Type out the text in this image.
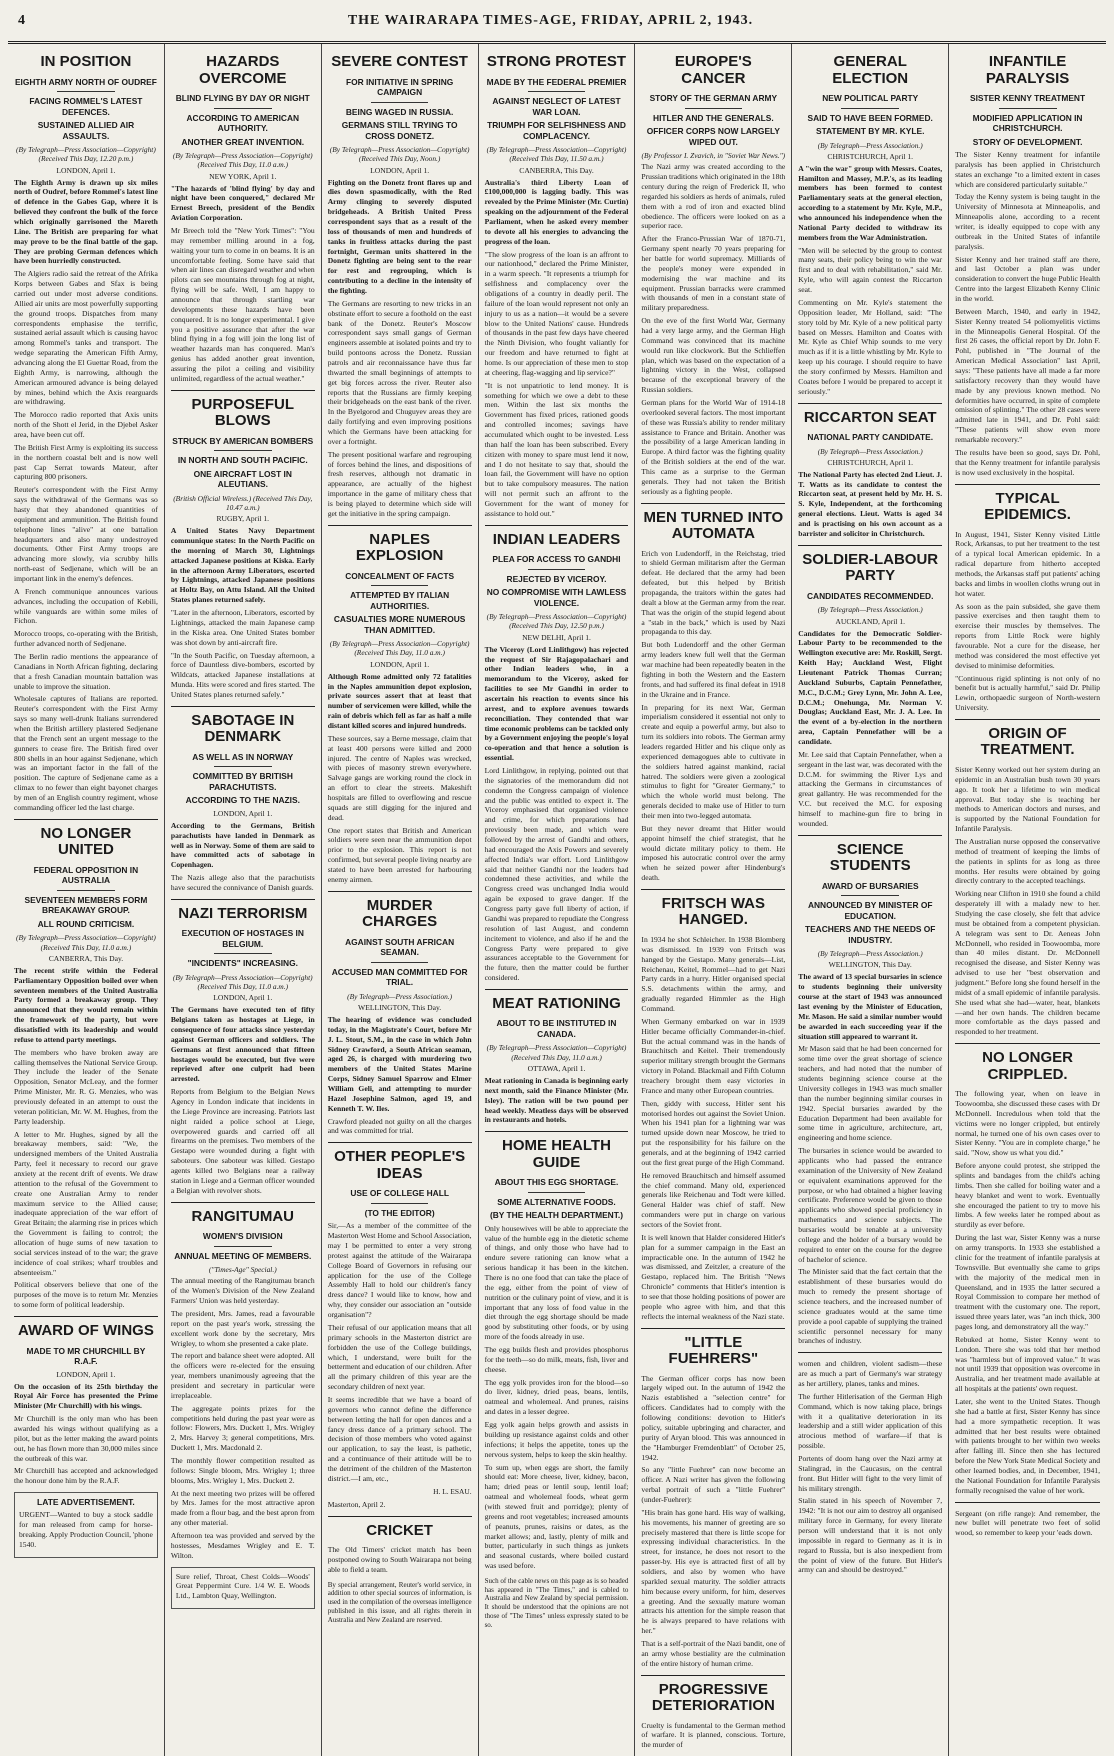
4	THE WAIRARAPA TIMES-AGE, FRIDAY, APRIL 2, 1943.
IN POSITION
EIGHTH ARMY NORTH OF OUDREF
FACING ROMMEL'S LATEST DEFENCES.
SUSTAINED ALLIED AIR ASSAULTS.
(By Telegraph—Press Association—Copyright) (Received This Day, 12.20 p.m.)
LONDON, April 1.

The Eighth Army is drawn up six miles north of Oudref, before Rommel's latest line of defence in the Gabes Gap, where it is believed they confront the bulk of the force which originally garrisoned the Mareth Line. The British are preparing for what may prove to be the final battle of the gap. They are probing German defences which have been hurriedly constructed.

The Algiers radio said the retreat of the Afrika Korps between Gabes and Sfax is being carried out under most adverse conditions. Allied air units are most powerfully supporting the ground troops. Dispatches from many correspondents emphasise the terrific, sustained aerial assault which is causing havoc among Rommel's tanks and transport. The wedge separating the American Fifth Army, advancing along the El Guettar Road, from the Eighth Army, is narrowing, although the American armoured advance is being delayed by mines, behind which the Axis rearguards are withdrawing.

The Morocco radio reported that Axis units north of the Shott el Jerid, in the Djebel Asker area, have been cut off.

The British First Army is exploiting its success in the northern coastal belt and is now well past Cap Serrat towards Mateur, after capturing 800 prisoners.

Reuter's correspondent with the First Army says the withdrawal of the Germans was so hasty that they abandoned quantities of equipment and ammunition. The British found telephone lines "alive" at one battalion headquarters and also many undestroyed documents. Other First Army troops are advancing more slowly, via scrubby hills north-east of Sedjenane, which will be an important link in the enemy's defences.

A French communique announces various advances, including the occupation of Kebili, while vanguards are within some miles of Fichon.

Morocco troops, co-operating with the British, further advanced north of Sedjenane.

The Berlin radio mentions the appearance of Canadians in North African fighting, declaring that a fresh Canadian mountain battalion was unable to improve the situation.

Wholesale captures of Italians are reported. Reuter's correspondent with the First Army says so many well-drunk Italians surrendered when the British artillery plastered Sedjenane that the French sent an urgent message to the gunners to cease fire. The British fired over 800 shells in an hour against Sedjenane, which was an important factor in the fall of the position. The capture of Sedjenane came as a climax to no fewer than eight bayonet charges by men of an English country regiment, whose commanding officer led the last charge.

NO LONGER UNITED
FEDERAL OPPOSITION IN AUSTRALIA
SEVENTEEN MEMBERS FORM BREAKAWAY GROUP.
ALL ROUND CRITICISM.
(By Telegraph—Press Association—Copyright) (Received This Day, 11.0 a.m.)
CANBERRA, This Day.

The recent strife within the Federal Parliamentary Opposition boiled over when seventeen members of the United Australia Party formed a breakaway group. They announced that they would remain within the framework of the party, but were dissatisfied with its leadership and would refuse to attend party meetings.

The members who have broken away are calling themselves the National Service Group. They include the leader of the Senate Opposition, Senator McLeay, and the former Prime Minister, Mr. R. G. Menzies, who was previously defeated in an attempt to oust the veteran politician, Mr. W. M. Hughes, from the Party leadership.

A letter to Mr. Hughes, signed by all the breakaway members, said: "We, the undersigned members of the United Australia Party, feel it necessary to record our grave anxiety at the recent drift of events. We draw attention to the refusal of the Government to create one Australian Army to render maximum service to the Allied cause; inadequate appreciation of the war effort of Great Britain; the alarming rise in prices which the Government is failing to control; the allocation of huge sums of new taxation to social services instead of to the war; the grave incidence of coal strikes; wharf troubles and absenteeism."

Political observers believe that one of the purposes of the move is to return Mr. Menzies to some form of political leadership.

AWARD OF WINGS
MADE TO MR CHURCHILL BY R.A.F.
LONDON, April 1.

On the occasion of its 25th birthday the Royal Air Force has presented the Prime Minister (Mr Churchill) with his wings.

Mr Churchill is the only man who has been awarded his wings without qualifying as a pilot, but as the letter making the award points out, he has flown more than 30,000 miles since the outbreak of this war.

Mr Churchill has accepted and acknowledged the honour done him by the R.A.F.

LATE ADVERTISEMENT.
URGENT—Wanted to buy a stock saddle for man released from camp for horse-breaking. Apply Production Council, 'phone 1540.
HAZARDS OVERCOME
BLIND FLYING BY DAY OR NIGHT
ACCORDING TO AMERICAN AUTHORITY.
ANOTHER GREAT INVENTION.
(By Telegraph—Press Association—Copyright) (Received This Day, 11.0 a.m.)
NEW YORK, April 1.

"The hazards of 'blind flying' by day and night have been conquered," declared Mr Ernest Breech, president of the Bendix Aviation Corporation.

Mr Breech told the "New York Times": "You may remember milling around in a fog, waiting your turn to come in on beams. It is an uncomfortable feeling. Some have said that when air lines can disregard weather and when pilots can see mountains through fog at night, flying will be safe. Well, I am happy to announce that through startling war developments these hazards have been conquered. It is no longer experimental. I give you a positive assurance that after the war blind flying in a fog will join the long list of weather hazards man has conquered. Man's genius has added another great invention, assuring the pilot a ceiling and visibility unlimited, regardless of the actual weather."

PURPOSEFUL BLOWS
STRUCK BY AMERICAN BOMBERS
IN NORTH AND SOUTH PACIFIC.
ONE AIRCRAFT LOST IN ALEUTIANS.
(British Official Wireless.) (Received This Day, 10.47 a.m.)
RUGBY, April 1.

A United States Navy Department communique states: In the North Pacific on the morning of March 30, Lightnings attacked Japanese positions at Kiska. Early in the afternoon Army Liberators, escorted by Lightnings, attacked Japanese positions at Holtz Bay, on Attu Island. All the United States planes returned safely.

"Later in the afternoon, Liberators, escorted by Lightnings, attacked the main Japanese camp in the Kiska area. One United States bomber was shot down by anti-aircraft fire.

"In the South Pacific, on Tuesday afternoon, a force of Dauntless dive-bombers, escorted by Wildcats, attacked Japanese installations at Munda. Hits were scored and fires started. The United States planes returned safely."

SABOTAGE IN DENMARK
AS WELL AS IN NORWAY
COMMITTED BY BRITISH PARACHUTISTS.
ACCORDING TO THE NAZIS.
LONDON, April 1.

According to the Germans, British parachutists have landed in Denmark as well as in Norway. Some of them are said to have committed acts of sabotage in Copenhagen.

The Nazis allege also that the parachutists have secured the connivance of Danish guards.

NAZI TERRORISM
EXECUTION OF HOSTAGES IN BELGIUM.
"INCIDENTS" INCREASING.
(By Telegraph—Press Association—Copyright) (Received This Day, 11.0 a.m.)
LONDON, April 1.

The Germans have executed ten of fifty Belgians taken as hostages at Liege, in consequence of four attacks since yesterday against German officers and soldiers. The Germans at first announced that fifteen hostages would be executed, but five were reprieved after one culprit had been arrested.

Reports from Belgium to the Belgian News Agency in London indicate that incidents in the Liege Province are increasing. Patriots last night raided a police school at Liege, overpowered guards and carried off all firearms on the premises. Two members of the Gestapo were wounded during a fight with saboteurs. One saboteur was killed. Gestapo agents killed two Belgians near a railway station in Liege and a German officer wounded a Belgian with revolver shots.

RANGITUMAU
WOMEN'S DIVISION
ANNUAL MEETING OF MEMBERS.
("Times-Age" Special.)

The annual meeting of the Rangitumau branch of the Women's Division of the New Zealand Farmers' Union was held yesterday.

The president, Mrs. James, read a favourable report on the past year's work, stressing the excellent work done by the secretary, Mrs Wrigley, to whom she presented a cake plate.

The report and balance sheet were adopted. All the officers were re-elected for the ensuing year, members unanimously agreeing that the president and secretary in particular were irreplaceable.

The aggregate points prizes for the competitions held during the past year were as follow: Flowers, Mrs. Duckett 1, Mrs. Wrigley 2, Mrs. Harvey 3; general competitions, Mrs. Duckett 1, Mrs. Macdonald 2.

The monthly flower competition resulted as follows: Single bloom, Mrs. Wrigley 1; three blooms, Mrs. Wrigley 1, Mrs. Duckett 2.

At the next meeting two prizes will be offered by Mrs. James for the most attractive apron made from a flour bag, and the best apron from any other material.

Afternoon tea was provided and served by the hostesses, Mesdames Wrigley and E. T. Wilton.

Sure relief, Throat, Chest Colds—Woods' Great Peppermint Cure. 1/4 W. E. Woods Ltd., Lambton Quay, Wellington.
SEVERE CONTEST
FOR INITIATIVE IN SPRING CAMPAIGN
BEING WAGED IN RUSSIA.
GERMANS STILL TRYING TO CROSS DONETZ.
(By Telegraph—Press Association—Copyright) (Received This Day, Noon.)
LONDON, April 1.

Fighting on the Donetz front flares up and dies down spasmodically, with the Red Army clinging to severely disputed bridgeheads. A British United Press correspondent says that as a result of the loss of thousands of men and hundreds of tanks in fruitless attacks during the past fortnight, German units shattered in the Donetz fighting are being sent to the rear for rest and regrouping, which is contributing to a decline in the intensity of the fighting.

The Germans are resorting to new tricks in an obstinate effort to secure a foothold on the east bank of the Donetz. Reuter's Moscow correspondent says small gangs of German engineers assemble at isolated points and try to build pontoons across the Donetz. Russian patrols and air reconnaissance have thus far thwarted the small beginnings of attempts to get big forces across the river. Reuter also reports that the Russians are firmly keeping their bridgeheads on the east bank of the river. In the Byelgorod and Chuguyev areas they are daily fortifying and even improving positions which the Germans have been attacking for over a fortnight.

The present positional warfare and regrouping of forces behind the lines, and dispositions of fresh reserves, although not dramatic in appearance, are actually of the highest importance in the game of military chess that is being played to determine which side will get the initiative in the spring campaign.

NAPLES EXPLOSION
CONCEALMENT OF FACTS
ATTEMPTED BY ITALIAN AUTHORITIES.
CASUALTIES MORE NUMEROUS THAN ADMITTED.
(By Telegraph—Press Association—Copyright) (Received This Day, 11.0 a.m.)
LONDON, April 1.

Although Rome admitted only 72 fatalities in the Naples ammunition depot explosion, private sources assert that at least that number of servicemen were killed, while the rain of debris which fell as far as half a mile distant killed scores and injured hundreds.

These sources, say a Berne message, claim that at least 400 persons were killed and 2000 injured. The centre of Naples was wrecked, with pieces of masonry strewn everywhere. Salvage gangs are working round the clock in an effort to clear the streets. Makeshift hospitals are filled to overflowing and rescue squads are still digging for the injured and dead.

One report states that British and American soldiers were seen near the ammunition depot prior to the explosion. This report is not confirmed, but several people living nearby are stated to have been arrested for harbouring enemy airmen.

MURDER CHARGES
AGAINST SOUTH AFRICAN SEAMAN.
ACCUSED MAN COMMITTED FOR TRIAL.
(By Telegraph—Press Association.)
WELLINGTON, This Day.

The hearing of evidence was concluded today, in the Magistrate's Court, before Mr J. L. Stout, S.M., in the case in which John Sidney Crawford, a South African seaman, aged 26, is charged with murdering two members of the United States Marine Corps, Sidney Samuel Sparrow and Elmer William Geli, and attempting to murder Hazel Josephine Salmon, aged 19, and Kenneth T. W. Iles.

Crawford pleaded not guilty on all the charges and was committed for trial.

OTHER PEOPLE'S IDEAS
USE OF COLLEGE HALL
(TO THE EDITOR)

Sir,—As a member of the committee of the Masterton West Home and School Association, may I be permitted to enter a very strong protest against the attitude of the Wairarapa College Board of Governors in refusing our application for the use of the College Assembly Hall to hold our children's fancy dress dance? I would like to know, how and why, they consider our association an "outside organisation"?

Their refusal of our application means that all primary schools in the Masterton district are forbidden the use of the College buildings, which, I understand, were built for the betterment and education of our children. After all the primary children of this year are the secondary children of next year.

It seems incredible that we have a board of governors who cannot define the difference between letting the hall for open dances and a fancy dress dance of a primary school. The decision of those members who voted against our application, to say the least, is pathetic, and a continuance of their attitude will be to the detriment of the children of the Masterton district.—I am, etc.,

H. L. ESAU.
Masterton, April 2.
CRICKET

The Old Timers' cricket match has been postponed owing to South Wairarapa not being able to field a team.

By special arrangement, Reuter's world service, in addition to other special sources of information, is used in the compilation of the overseas intelligence published in this issue, and all rights therein in Australia and New Zealand are reserved.
STRONG PROTEST
MADE BY THE FEDERAL PREMIER
AGAINST NEGLECT OF LATEST WAR LOAN.
TRIUMPH FOR SELFISHNESS AND COMPLACENCY.
(By Telegraph—Press Association—Copyright) (Received This Day, 11.50 a.m.)
CANBERRA, This Day.

Australia's third Liberty Loan of £100,000,000 is lagging badly. This was revealed by the Prime Minister (Mr. Curtin) speaking on the adjournment of the Federal Parliament, when he asked every member to devote all his energies to advancing the progress of the loan.

"The slow progress of the loan is an affront to our nationhood," declared the Prime Minister, in a warm speech. "It represents a triumph for selfishness and complacency over the obligations of a country in deadly peril. The failure of the loan would represent not only an injury to us as a nation—it would be a severe blow to the United Nations' cause. Hundreds of thousands in the past few days have cheered the Ninth Division, who fought valiantly for our freedom and have returned to fight at home. Is our appreciation of these men to stop at cheering, flag-wagging and lip service?"

"It is not unpatriotic to lend money. It is something for which we owe a debt to these men. Within the last six months the Government has fixed prices, rationed goods and controlled incomes; savings have accumulated which ought to be invested. Less than half the loan has been subscribed. Every citizen with money to spare must lend it now, and I do not hesitate to say that, should the loan fail, the Government will have no option but to take compulsory measures. The nation will not permit such an affront to the Government for the want of money for assistance to hold out."

INDIAN LEADERS
PLEA FOR ACCESS TO GANDHI
REJECTED BY VICEROY.
NO COMPROMISE WITH LAWLESS VIOLENCE.
(By Telegraph—Press Association—Copyright) (Received This Day, 12.50 p.m.)
NEW DELHI, April 1.

The Viceroy (Lord Linlithgow) has rejected the request of Sir Rajagopalachari and other Indian leaders who, in a memorandum to the Viceroy, asked for facilities to see Mr Gandhi in order to ascertain his reaction to events since his arrest, and to explore avenues towards reconciliation. They contended that war time economic problems can be tackled only by a Government enjoying the people's loyal co-operation and that hence a solution is essential.

Lord Linlithgow, in replying, pointed out that the signatories of the memorandum did not condemn the Congress campaign of violence and the public was entitled to expect it. The Viceroy emphasised that organised violence and crime, for which preparations had previously been made, and which were followed by the arrest of Gandhi and others, had encouraged the Axis Powers and severely affected India's war effort. Lord Linlithgow said that neither Gandhi nor the leaders had condemned these activities, and while the Congress creed was unchanged India would again be exposed to grave danger. If the Congress party gave full liberty of action, if Gandhi was prepared to repudiate the Congress resolution of last August, and condemn incitement to violence, and also if he and the Congress Party were prepared to give assurances acceptable to the Government for the future, then the matter could be further considered.

MEAT RATIONING
ABOUT TO BE INSTITUTED IN CANADA.
(By Telegraph—Press Association—Copyright) (Received This Day, 11.0 a.m.)
OTTAWA, April 1.

Meat rationing in Canada is beginning early next month, said the Finance Minister (Mr. Isley). The ration will be two pound per head weekly. Meatless days will be observed in restaurants and hotels.

HOME HEALTH GUIDE
ABOUT THIS EGG SHORTAGE.
SOME ALTERNATIVE FOODS.
(BY THE HEALTH DEPARTMENT.)

Only housewives will be able to appreciate the value of the humble egg in the dietetic scheme of things, and only those who have had to endure severe rationing can know what a serious handicap it has been in the kitchen. There is no one food that can take the place of the egg, either from the point of view of nutrition or the culinary point of view, and it is important that any loss of food value in the diet through the egg shortage should be made good by substituting other foods, or by using more of the foods already in use.

The egg builds flesh and provides phosphorus for the teeth—so do milk, meats, fish, liver and cheese.

The egg yolk provides iron for the blood—so do liver, kidney, dried peas, beans, lentils, oatmeal and wholemeal. And prunes, raisins and dates in a lesser degree.

Egg yolk again helps growth and assists in building up resistance against colds and other infections; it helps the appetite, tones up the nervous system, helps to keep the skin healthy.

To sum up, when eggs are short, the family should eat: More cheese, liver, kidney, bacon, ham; dried peas or lentil soup, lentil loaf; oatmeal and wholemeal foods, wheat germ (with stewed fruit and porridge); plenty of greens and root vegetables; increased amounts of peanuts, prunes, raisins or dates, as the market allows; and, lastly, plenty of milk and butter, particularly in such things as junkets and seasonal custards, where boiled custard was used before.

Such of the cable news on this page as is so headed has appeared in "The Times," and is cabled to Australia and New Zealand by special permission. It should be understood that the opinions are not those of "The Times" unless expressly stated to be so.
EUROPE'S CANCER
STORY OF THE GERMAN ARMY
HITLER AND THE GENERALS.
OFFICER CORPS NOW LARGELY WIPED OUT.
(By Professor I. Zvavich, in "Soviet War News.")

The Nazi army was created according to the Prussian traditions which originated in the 18th century during the reign of Frederick II, who regarded his soldiers as herds of animals, ruled them with a rod of iron and exacted blind obedience. The officers were looked on as a superior race.

After the Franco-Prussian War of 1870-71, Germany spent nearly 70 years preparing for her battle for world supremacy. Milliards of the people's money were expended in modernising the war machine and its equipment. Prussian barracks were crammed with thousands of men in a constant state of military preparedness.

On the eve of the first World War, Germany had a very large army, and the German High Command was convinced that its machine would run like clockwork. But the Schlieffen plan, which was based on the expectation of a lightning victory in the West, collapsed because of the exceptional bravery of the Russian soldiers.

German plans for the World War of 1914-18 overlooked several factors. The most important of these was Russia's ability to render military assistance to France and Britain. Another was the possibility of a large American landing in Europe. A third factor was the fighting quality of the British soldiers at the end of the war. This came as a surprise to the German generals. They had not taken the British seriously as a fighting people.

MEN TURNED INTO AUTOMATA

Erich von Ludendorff, in the Reichstag, tried to shield German militarism after the German defeat. He declared that the army had been defeated, but this helped by British propaganda, the traitors within the gates had dealt a blow at the German army from the rear. That was the origin of the stupid legend about a "stab in the back," which is used by Nazi propaganda to this day.

But both Ludendorff and the other German army leaders knew full well that the German war machine had been repeatedly beaten in the fighting in both the Western and the Eastern fronts, and had suffered its final defeat in 1918 in the Ukraine and in France.

In preparing for its next War, German imperialism considered it essential not only to create and equip a powerful army, but also to turn its soldiers into robots. The German army leaders regarded Hitler and his clique only as experienced demagogues able to cultivate in the soldiers hatred against mankind, racial hatred. The soldiers were given a zoological stimulus to fight for "Greater Germany," to which the whole world must belong. The generals decided to make use of Hitler to turn their men into two-legged automata.

But they never dreamt that Hitler would appoint himself the chief strategist, that he would dictate military policy to them. He imposed his autocratic control over the army when he seized power after Hindenburg's death.

FRITSCH WAS HANGED.

In 1934 he shot Schleicher. In 1938 Blomberg was dismissed. In 1939 von Fritsch was hanged by the Gestapo. Many generals—List, Reichenau, Keitel, Rommel—had to get Nazi Party cards in a hurry. Hitler organised special S.S. detachments within the army, and gradually regarded Himmler as the High Command.

When Germany embarked on war in 1939 Hitler became officially Commander-in-chief. But the actual command was in the hands of Brauchitsch and Keitel. Their tremendously superior military strength brought the Germans victory in Poland. Blackmail and Fifth Column treachery brought them easy victories in France and many other European countries.

Then, giddy with success, Hitler sent his motorised hordes out against the Soviet Union. When his 1941 plan for a lightning war was turned upside down near Moscow, he tried to put the responsibility for his failure on the generals, and at the beginning of 1942 carried out the first great purge of the High Command.

He removed Brauchitsch and himself assumed the chief command. Many old, experienced generals like Reichenau and Todt were killed. General Halder was chief of staff. New commanders were put in charge on various sectors of the Soviet front.

It is well known that Halder considered Hitler's plan for a summer campaign in the East an impracticable one. In the autumn of 1942 he was dismissed, and Zeitzler, a creature of the Gestapo, replaced him. The British "News Chronicle" comments that Hitler's intention is to see that those holding positions of power are people who agree with him, and that this reflects the internal weakness of the Nazi state.

"LITTLE FUEHRERS"

The German officer corps has now been largely wiped out. In the autumn of 1942 the Nazis established a "selection centre" for officers. Candidates had to comply with the following conditions: devotion to Hitler's policy, suitable upbringing and character, and purity of Aryan blood. This was announced in the "Hamburger Fremdenblatt" of October 25, 1942.

So any "little Fuehrer" can now become an officer. A Nazi writer has given the following verbal portrait of such a "little Fuehrer" (under-Fuehrer):

"His brain has gone hard. His way of walking, his movements, his manner of greeting are so precisely mastered that there is little scope for expressing individual characteristics. In the street, for instance, he does not resort to the passer-by. His eye is attracted first of all by soldiers, and also by women who have sparkled sexual maturity. The soldier attracts him because every uniform, for him, deserves a greeting. And the sexually mature woman attracts his attention for the simple reason that he is always prepared to have relations with her."

That is a self-portrait of the Nazi bandit, one of an army whose bestiality are the culmination of the entire history of human crime.

PROGRESSIVE DETERIORATION

Cruelty is fundamental to the German method of warfare. It is planned, conscious. Torture, the murder of

GENERAL ELECTION
NEW POLITICAL PARTY
SAID TO HAVE BEEN FORMED.
STATEMENT BY MR. KYLE.
(By Telegraph—Press Association.)
CHRISTCHURCH, April 1.

A "win the war" group with Messrs. Coates, Hamilton and Massey, M.P.'s, as its leading members has been formed to contest Parliamentary seats at the general election, according to a statement by Mr. Kyle, M.P., who announced his independence when the National Party decided to withdraw its members from the War Administration.

"Men will be selected by the group to contest many seats, their policy being to win the war first and to deal with rehabilitation," said Mr. Kyle, who will again contest the Riccarton seat.

Commenting on Mr. Kyle's statement the Opposition leader, Mr Holland, said: "The story told by Mr. Kyle of a new political party based on Messrs. Hamilton and Coates with Mr. Kyle as Chief Whip sounds to me very much as if it is a little whistling by Mr. Kyle to keep up his courage. I should require to have the story confirmed by Messrs. Hamilton and Coates before I would be prepared to accept it seriously."

RICCARTON SEAT
NATIONAL PARTY CANDIDATE.
(By Telegraph—Press Association.)
CHRISTCHURCH, April 1.

The National Party has elected 2nd Lieut. J. T. Watts as its candidate to contest the Riccarton seat, at present held by Mr. H. S. S. Kyle, Independent, at the forthcoming general elections. Lieut. Watts is aged 34 and is practising on his own account as a barrister and solicitor in Christchurch.

SOLDIER-LABOUR PARTY
CANDIDATES RECOMMENDED.
(By Telegraph—Press Association.)
AUCKLAND, April 1.

Candidates for the Democratic Soldier-Labour Party to be recommended to the Wellington executive are: Mr. Roskill, Sergt. Keith Hay; Auckland West, Flight Lieutenant Patrick Thomas Curran; Auckland Suburbs, Captain Pennefather, M.C., D.C.M.; Grey Lynn, Mr. John A. Lee, D.C.M.; Onehunga, Mr. Norman V. Douglas; Auckland East, Mr. J. A. Lee. In the event of a by-election in the northern area, Captain Pennefather will be a candidate.

Mr. Lee said that Captain Pennefather, when a sergeant in the last war, was decorated with the D.C.M. for swimming the River Lys and attacking the Germans in circumstances of great gallantry. He was recommended for the V.C. but received the M.C. for exposing himself to machine-gun fire to bring in wounded.

SCIENCE STUDENTS
AWARD OF BURSARIES
ANNOUNCED BY MINISTER OF EDUCATION.
TEACHERS AND THE NEEDS OF INDUSTRY.
(By Telegraph—Press Association.)
WELLINGTON, This Day.

The award of 13 special bursaries in science to students beginning their university course at the start of 1943 was announced last evening by the Minister of Education, Mr. Mason. He said a similar number would be awarded in each succeeding year if the situation still appeared to warrant it.

Mr Mason said that he had been concerned for some time over the great shortage of science teachers, and had noted that the number of students beginning science course at the University colleges in 1943 was much smaller than the number beginning similar courses in 1942. Special bursaries awarded by the Education Department had been available for some time in agriculture, architecture, art, engineering and home science.

The bursaries in science would be awarded to applicants who had passed the entrance examination of the University of New Zealand or equivalent examinations approved for the purpose, or who had obtained a higher leaving certificate. Preference would be given to those applicants who showed special proficiency in mathematics and science subjects. The bursaries would be tenable at a university college and the holder of a bursary would be required to enter on the course for the degree of bachelor of science.

The Minister said that the fact certain that the establishment of these bursaries would do much to remedy the present shortage of science teachers, and the increased number of science graduates would at the same time provide a pool capable of supplying the trained scientific personnel necessary for many branches of industry.

women and children, violent sadism—these are as much a part of Germany's war strategy as her artillery, planes, tanks and mines.

The further Hitlerisation of the German High Command, which is now taking place, brings with it a qualitative deterioration in its leadership and a still wider application of this atrocious method of warfare—if that is possible.

Portents of doom hang over the Nazi army at Stalingrad, in the Caucasus, on the central front. But Hitler will fight to the very limit of his military strength.

Stalin stated in his speech of November 7, 1942: "It is not our aim to destroy all organised military force in Germany, for every literate person will understand that it is not only impossible in regard to Germany as it is in regard to Russia, but is also inexpedient from the point of view of the future. But Hitler's army can and should be destroyed."

INFANTILE PARALYSIS
SISTER KENNY TREATMENT
MODIFIED APPLICATION IN CHRISTCHURCH.
STORY OF DEVELOPMENT.

The Sister Kenny treatment for infantile paralysis has been applied in Christchurch states an exchange "to a limited extent in cases which are considered particularly suitable."

Today the Kenny system is being taught in the University of Minnesota at Minneapolis, and Minneapolis alone, according to a recent writer, is ideally equipped to cope with any outbreak in the United States of infantile paralysis.

Sister Kenny and her trained staff are there, and last October a plan was under consideration to convert the huge Public Health Centre into the largest Elizabeth Kenny Clinic in the world.

Between March, 1940, and early in 1942, Sister Kenny treated 54 poliomyelitis victims in the Minneapolis General Hospital. Of the first 26 cases, the official report by Dr. John F. Pohl, published in "The Journal of the American Medical Association" last April, says: "These patients have all made a far more satisfactory recovery than they would have made by any previous known method. No deformities have occurred, in spite of complete omission of splinting." The other 28 cases were admitted late in 1941, and Dr. Pohl said: "These patients will show even more remarkable recovery."

The results have been so good, says Dr. Pohl, that the Kenny treatment for infantile paralysis is now used exclusively in the hospital.

TYPICAL EPIDEMICS.

In August, 1941, Sister Kenny visited Little Rock, Arkansas, to put her treatment to the test of a typical local American epidemic. In a radical departure from hitherto accepted methods, the Arkansas staff put patients' aching backs and limbs in woollen cloths wrung out in hot water.

As soon as the pain subsided, she gave them passive exercises and then taught them to exercise their muscles by themselves. The reports from Little Rock were highly favourable. Not a cure for the disease, her method was considered the most effective yet devised to minimise deformities.

"Continuous rigid splinting is not only of no benefit but is actually harmful," said Dr. Philip Lewin, orthopaedic surgeon of North-western University.

ORIGIN OF TREATMENT.

Sister Kenny worked out her system during an epidemic in an Australian bush town 30 years ago. It took her a lifetime to win medical approval. But today she is teaching her methods to American doctors and nurses, and is supported by the National Foundation for Infantile Paralysis.

The Australian nurse opposed the conservative method of treatment of keeping the limbs of the patients in splints for as long as three months. Her results were obtained by going directly contrary to the accepted teachings.

Working near Clifton in 1910 she found a child desperately ill with a malady new to her. Studying the case closely, she felt that advice must be obtained from a competent physician. A telegram was sent to Dr. Aeneas John McDonnell, who resided in Toowoomba, more than 40 miles distant. Dr. McDonnell recognised the disease, and Sister Kenny was advised to use her "best observation and judgment." Before long she found herself in the midst of a small epidemic of infantile paralysis. She used what she had—water, heat, blankets—and her own hands. The children became more comfortable as the days passed and responded to her treatment.

NO LONGER CRIPPLED.

The following year, when on leave in Toowoomba, she discussed these cases with Dr McDonnell. Incredulous when told that the victims were no longer crippled, but entirely normal, he turned one of his own cases over to Sister Kenny. "You are in complete charge," he said. "Now, show us what you did."

Before anyone could protest, she stripped the splints and bandages from the child's aching limbs. Then she called for boiling water and a heavy blanket and went to work. Eventually she encouraged the patient to try to move his limbs. A few weeks later he romped about as sturdily as ever before.

During the last war, Sister Kenny was a nurse on army transports. In 1933 she established a clinic for the treatment of infantile paralysis at Townsville. But eventually she came to grips with the majority of the medical men in Queensland, and in 1935 the latter secured a Royal Commission to compare her method of treatment with the customary one. The report, issued three years later, was "an inch thick, 300 pages long, and demonstratory all the way."

Rebuked at home, Sister Kenny went to London. There she was told that her method was "harmless but of improved value." It was not until 1939 that opposition was overcome in Australia, and her treatment made available at all hospitals at the patients' own request.

Later, she went to the United States. Though she had a battle at first, Sister Kenny has since had a more sympathetic reception. It was admitted that her best results were obtained with patients brought to her within two weeks after falling ill. Since then she has lectured before the New York State Medical Society and other learned bodies, and, in December, 1941, the National Foundation for Infantile Paralysis formally recognised the value of her work.

Sergeant (on rifle range): And remember, the new bullet will penetrate two feet of solid wood, so remember to keep your 'eads down.
